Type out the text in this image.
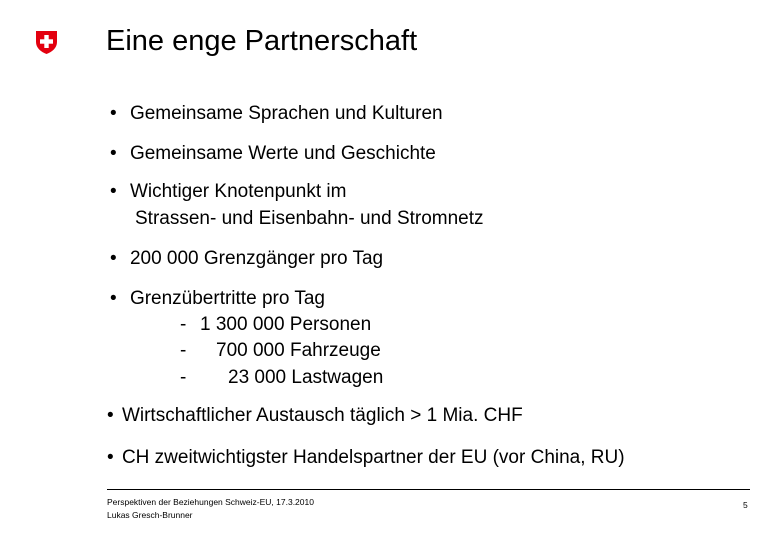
Eine enge Partnerschaft
• Gemeinsame Sprachen und Kulturen
• Gemeinsame Werte und Geschichte
• Wichtiger Knotenpunkt im
Strassen- und Eisenbahn- und Stromnetz
• 200 000 Grenzgänger pro Tag
• Grenzübertritte pro Tag
- 1 300 000 Personen
- 700 000 Fahrzeuge
- 23 000 Lastwagen
• Wirtschaftlicher Austausch täglich > 1 Mia. CHF
• CH zweitwichtigster Handelspartner der EU (vor China, RU)
Perspektiven der Beziehungen Schweiz-EU, 17.3.2010
Lukas Gresch-Brunner
5
